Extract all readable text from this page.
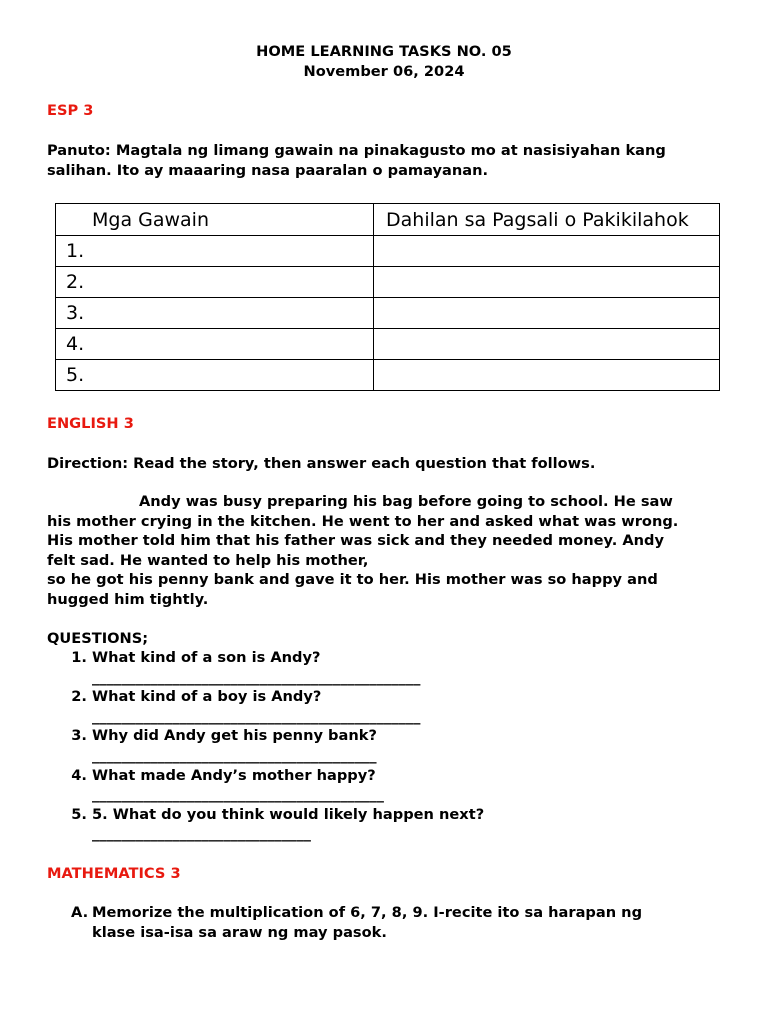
HOME LEARNING TASKS NO. 05
November 06, 2024
ESP 3
Panuto: Magtala ng limang gawain na pinakagusto mo at nasisiyahan kang
salihan. Ito ay maaaring nasa paaralan o pamayanan.
Mga Gawain	Dahilan sa Pagsali o Pakikilahok
1.	
2.	
3.	
4.	
5.	
ENGLISH 3
Direction: Read the story, then answer each question that follows.
Andy was busy preparing his bag before going to school. He saw
his mother crying in the kitchen. He went to her and asked what was wrong.
His mother told him that his father was sick and they needed money. Andy
felt sad. He wanted to help his mother,
so he got his penny bank and gave it to her. His mother was so happy and
hugged him tightly.
QUESTIONS;
1. What kind of a son is Andy?
_____________________________________________
2. What kind of a boy is Andy?
_____________________________________________
3. Why did Andy get his penny bank?
_______________________________________
4. What made Andy’s mother happy?
________________________________________
5. 5. What do you think would likely happen next?
______________________________
MATHEMATICS 3
A. Memorize the multiplication of 6, 7, 8, 9. I-recite ito sa harapan ng
klase isa-isa sa araw ng may pasok.
